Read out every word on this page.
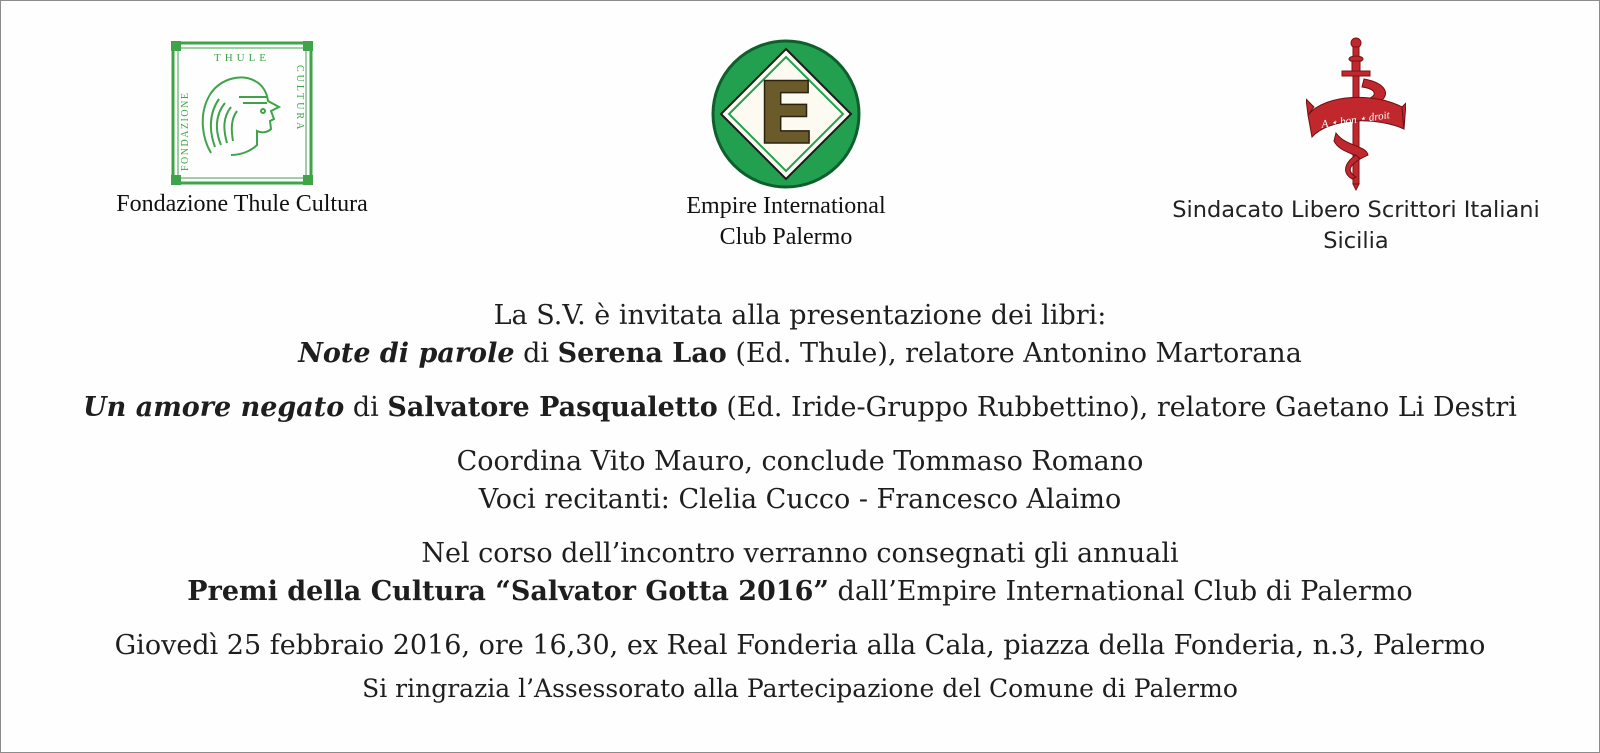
THULE
FONDAZIONE	CULTURA
Fondazione Thule Cultura
E
Empire International
Club Palermo
A ⋆ bon ⋆ droit
Sindacato Libero Scrittori Italiani
Sicilia
La S.V. è invitata alla presentazione dei libri:
Note di parole di Serena Lao (Ed. Thule), relatore Antonino Martorana
Un amore negato di Salvatore Pasqualetto (Ed. Iride-Gruppo Rubbettino), relatore Gaetano Li Destri
Coordina Vito Mauro, conclude Tommaso Romano
Voci recitanti: Clelia Cucco - Francesco Alaimo
Nel corso dell’incontro verranno consegnati gli annuali
Premi della Cultura “Salvator Gotta 2016” dall’Empire International Club di Palermo
Giovedì 25 febbraio 2016, ore 16,30, ex Real Fonderia alla Cala, piazza della Fonderia, n.3, Palermo
Si ringrazia l’Assessorato alla Partecipazione del Comune di Palermo
